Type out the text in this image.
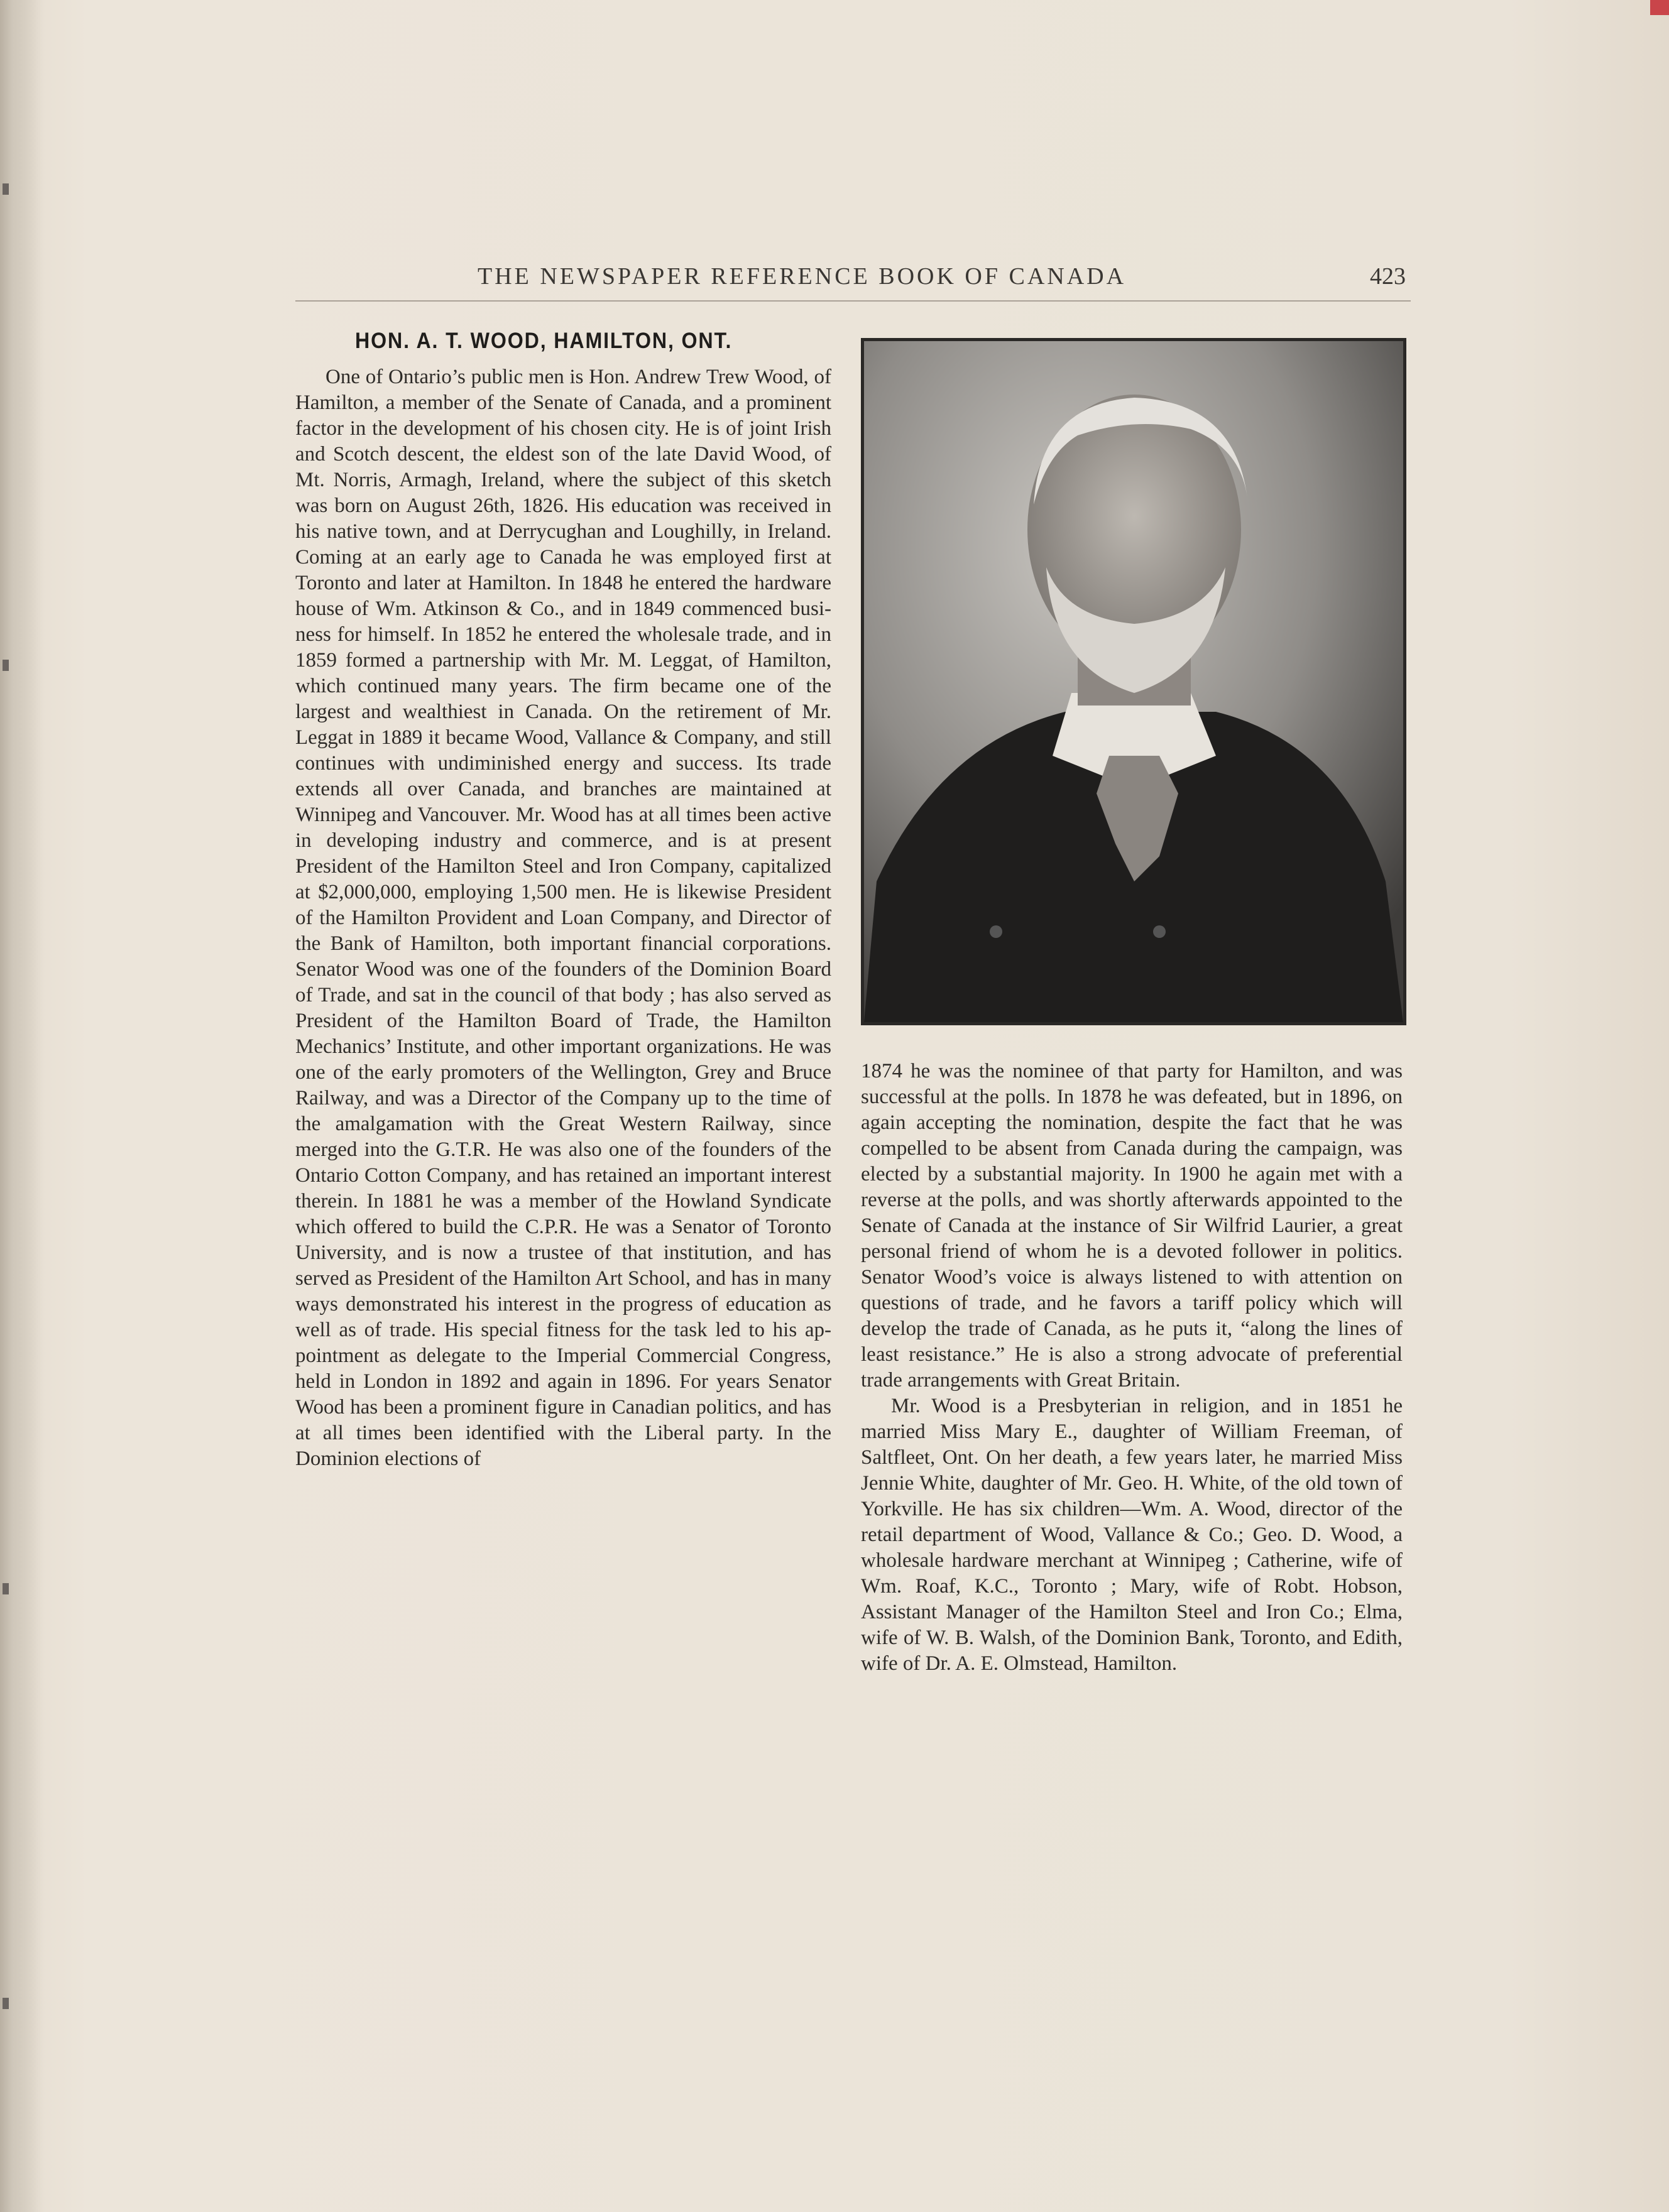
THE NEWSPAPER REFERENCE BOOK OF CANADA	423
HON. A. T. WOOD, HAMILTON, ONT.

One of Ontario’s public men is Hon. Andrew Trew Wood, of Hamilton, a member of the Senate of Canada, and a prominent factor in the development of his chosen city. He is of joint Irish and Scotch descent, the eldest son of the late David Wood, of Mt. Norris, Armagh, Ireland, where the subject of this sketch was born on August 26th, 1826. His education was received in his native town, and at Derrycughan and Loughilly, in Ireland. Coming at an early age to Canada he was employed first at Toronto and later at Hamilton. In 1848 he entered the hardware house of Wm. Atkinson & Co., and in 1849 commenced business for himself. In 1852 he entered the wholesale trade, and in 1859 formed a partnership with Mr. M. Leggat, of Hamilton, which continued many years. The firm became one of the largest and wealthiest in Canada. On the retirement of Mr. Leggat in 1889 it became Wood, Vallance & Company, and still continues with undiminished energy and success. Its trade extends all over Canada, and branches are maintained at Winnipeg and Vancouver. Mr. Wood has at all times been active in developing industry and commerce, and is at present President of the Hamilton Steel and Iron Company, capitalized at $2,000,000, employing 1,500 men. He is likewise President of the Hamilton Provident and Loan Company, and Director of the Bank of Hamilton, both important financial corporations. Senator Wood was one of the founders of the Dominion Board of Trade, and sat in the council of that body ; has also served as President of the Hamilton Board of Trade, the Hamilton Mechanics’ Institute, and other important organizations. He was one of the early promoters of the Wellington, Grey and Bruce Railway, and was a Director of the Company up to the time of the amalgamation with the Great Western Railway, since merged into the G.T.R. He was also one of the founders of the Ontario Cotton Company, and has retained an important interest therein. In 1881 he was a member of the Howland Syndicate which offered to build the C.P.R. He was a Senator of Toronto University, and is now a trustee of that institution, and has served as President of the Hamilton Art School, and has in many ways demonstrated his interest in the progress of education as well as of trade. His special fitness for the task led to his appointment as delegate to the Imperial Commercial Congress, held in London in 1892 and again in 1896. For years Senator Wood has been a prominent figure in Canadian politics, and has at all times been identified with the Liberal party. In the Dominion elections of

1874 he was the nominee of that party for Hamilton, and was successful at the polls. In 1878 he was defeated, but in 1896, on again accepting the nomination, despite the fact that he was compelled to be absent from Canada during the campaign, was elected by a substantial majority. In 1900 he again met with a reverse at the polls, and was shortly afterwards appointed to the Senate of Canada at the instance of Sir Wilfrid Laurier, a great personal friend of whom he is a devoted follower in politics. Senator Wood’s voice is always listened to with attention on questions of trade, and he favors a tariff policy which will develop the trade of Canada, as he puts it, “along the lines of least resistance.” He is also a strong advocate of preferential trade arrangements with Great Britain.

Mr. Wood is a Presbyterian in religion, and in 1851 he married Miss Mary E., daughter of William Freeman, of Saltfleet, Ont. On her death, a few years later, he married Miss Jennie White, daughter of Mr. Geo. H. White, of the old town of Yorkville. He has six children—Wm. A. Wood, director of the retail department of Wood, Vallance & Co.; Geo. D. Wood, a wholesale hardware merchant at Winnipeg ; Catherine, wife of Wm. Roaf, K.C., Toronto ; Mary, wife of Robt. Hobson, Assistant Manager of the Hamilton Steel and Iron Co.; Elma, wife of W. B. Walsh, of the Dominion Bank, Toronto, and Edith, wife of Dr. A. E. Olmstead, Hamilton.
